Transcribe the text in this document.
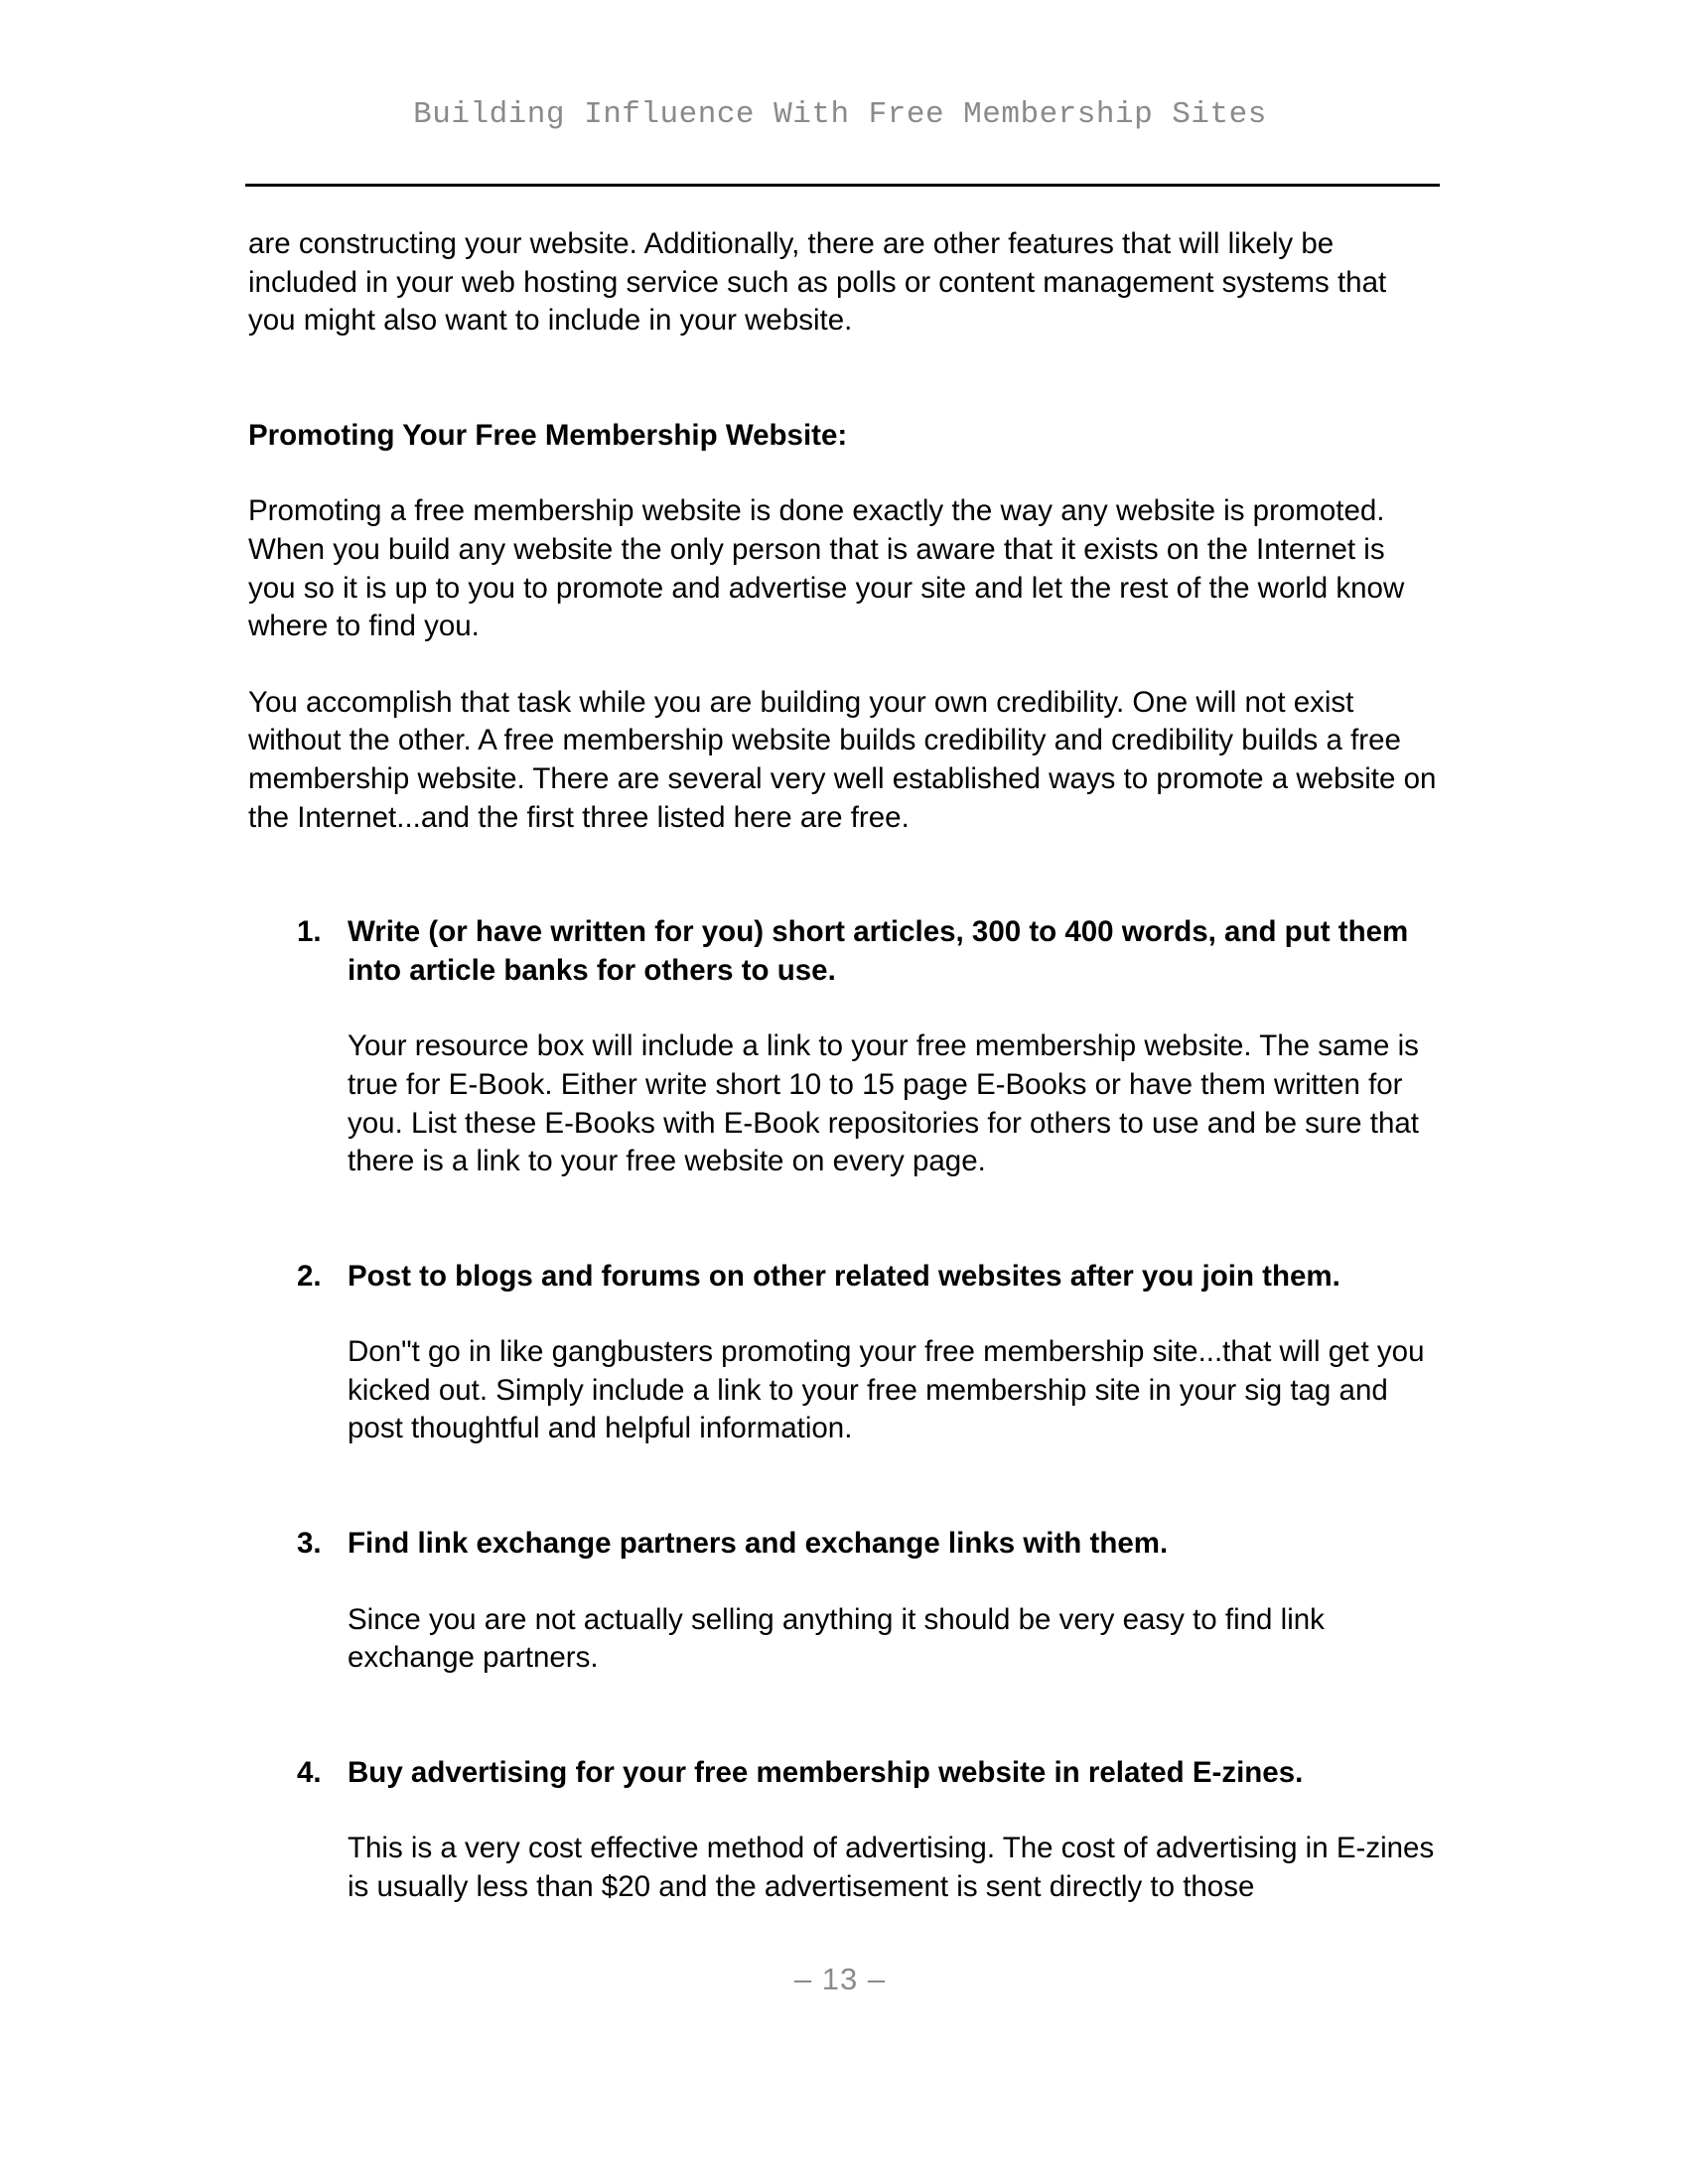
Building Influence With Free Membership Sites

are constructing your website. Additionally, there are other features that will likely be included in your web hosting service such as polls or content management systems that you might also want to include in your website.

Promoting Your Free Membership Website:

Promoting a free membership website is done exactly the way any website is promoted. When you build any website the only person that is aware that it exists on the Internet is you so it is up to you to promote and advertise your site and let the rest of the world know where to find you.

You accomplish that task while you are building your own credibility. One will not exist without the other. A free membership website builds credibility and credibility builds a free membership website. There are several very well established ways to promote a website on the Internet...and the first three listed here are free.

1. Write (or have written for you) short articles, 300 to 400 words, and put them into article banks for others to use.

Your resource box will include a link to your free membership website. The same is true for E-Book. Either write short 10 to 15 page E-Books or have them written for you. List these E-Books with E-Book repositories for others to use and be sure that there is a link to your free website on every page.

2. Post to blogs and forums on other related websites after you join them.

Don"t go in like gangbusters promoting your free membership site...that will get you kicked out. Simply include a link to your free membership site in your sig tag and post thoughtful and helpful information.

3. Find link exchange partners and exchange links with them.

Since you are not actually selling anything it should be very easy to find link exchange partners.

4. Buy advertising for your free membership website in related E-zines.

This is a very cost effective method of advertising. The cost of advertising in E-zines is usually less than $20 and the advertisement is sent directly to those

– 13 –
